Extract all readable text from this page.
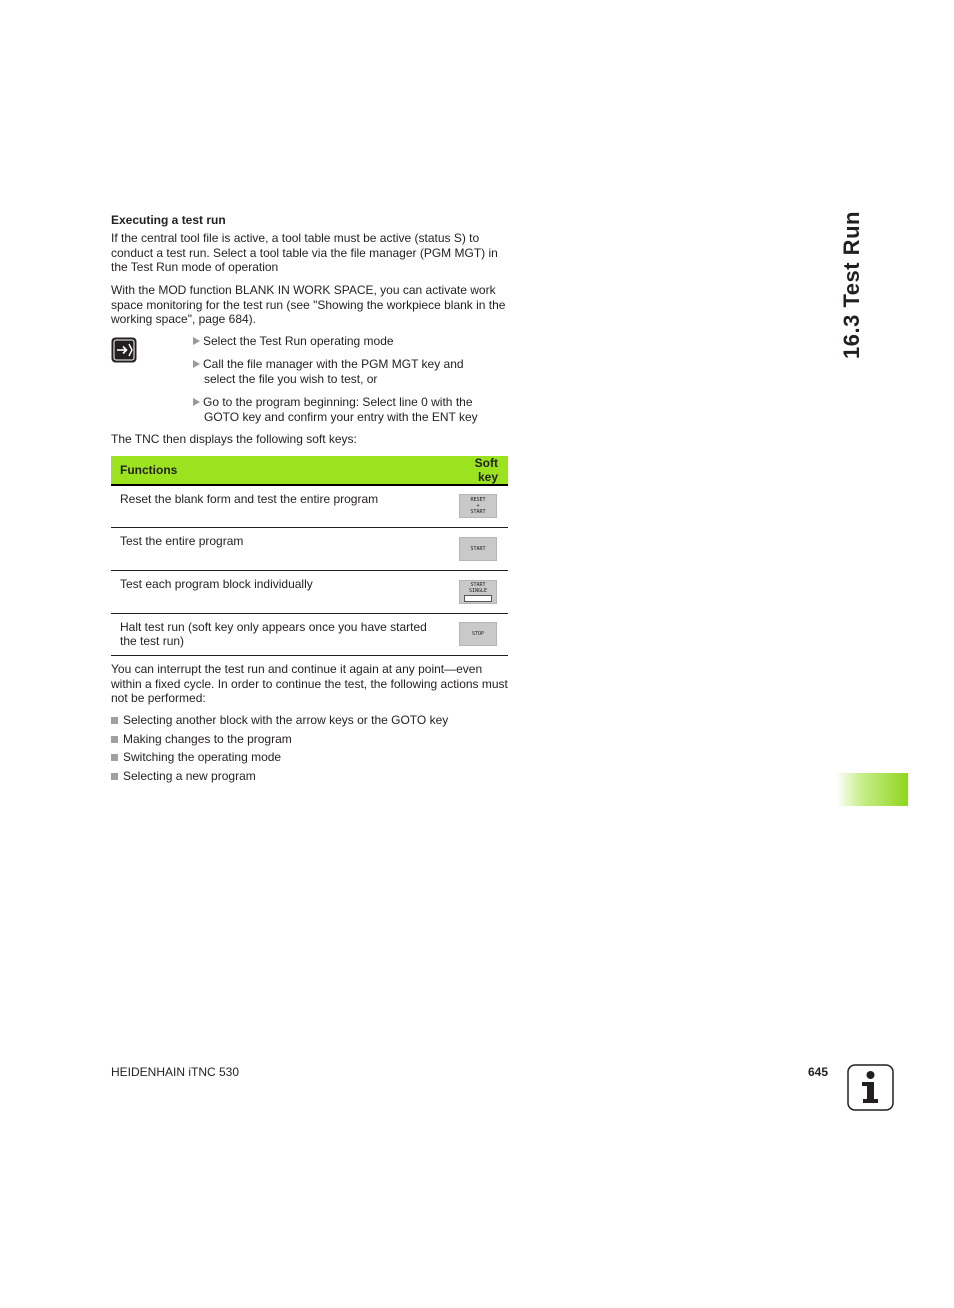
Executing a test run

If the central tool file is active, a tool table must be active (status S) to conduct a test run. Select a tool table via the file manager (PGM MGT) in the Test Run mode of operation

With the MOD function BLANK IN WORK SPACE, you can activate work space monitoring for the test run (see "Showing the workpiece blank in the working space", page 684).

Select the Test Run operating mode
Call the file manager with the PGM MGT key and
select the file you wish to test, or
Go to the program beginning: Select line 0 with the
GOTO key and confirm your entry with the ENT key

The TNC then displays the following soft keys:

Functions	Soft key
Reset the blank form and test the entire program	RESET
+
START

Test the entire program	START

Test each program block individually	START
SINGLE

Halt test run (soft key only appears once you have started the test run)	STOP

You can interrupt the test run and continue it again at any point—even within a fixed cycle. In order to continue the test, the following actions must not be performed:

Selecting another block with the arrow keys or the GOTO key
Making changes to the program
Switching the operating mode
Selecting a new program
16.3 Test Run
HEIDENHAIN iTNC 530	645
